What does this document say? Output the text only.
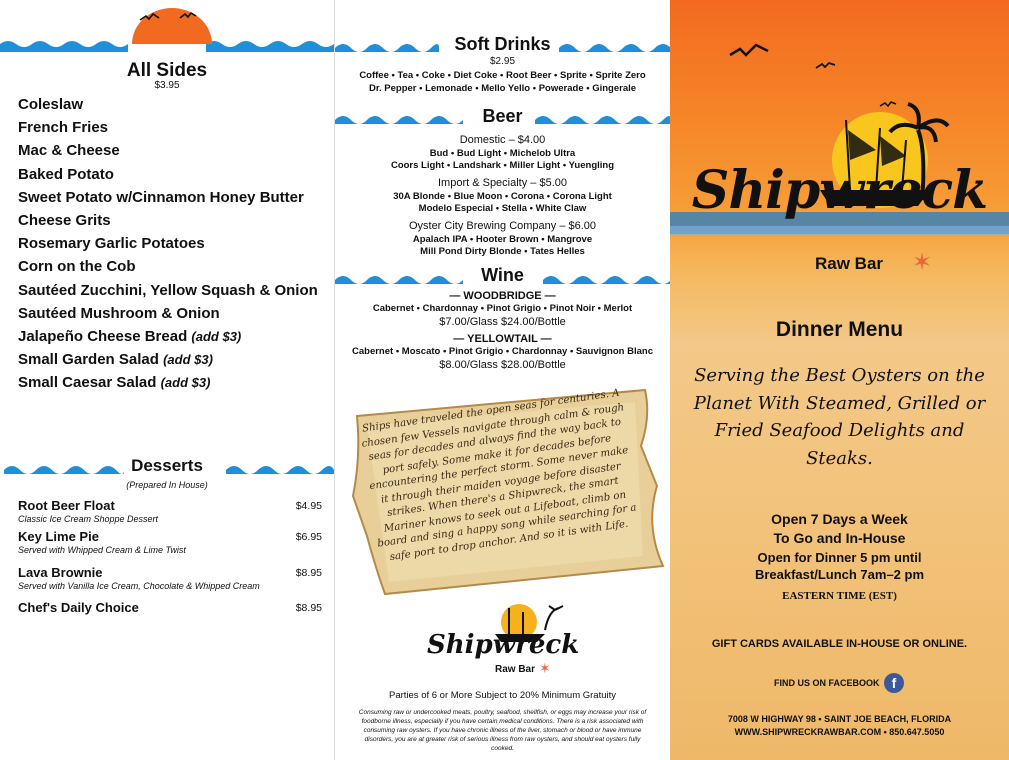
All Sides
$3.95
Coleslaw
French Fries
Mac & Cheese
Baked Potato
Sweet Potato w/Cinnamon Honey Butter
Cheese Grits
Rosemary Garlic Potatoes
Corn on the Cob
Sautéed Zucchini, Yellow Squash & Onion
Sautéed Mushroom & Onion
Jalapeño Cheese Bread (add $3)
Small Garden Salad (add $3)
Small Caesar Salad (add $3)
Desserts
(Prepared In House)
Root Beer Float
Classic Ice Cream Shoppe Dessert
$4.95
Key Lime Pie
Served with Whipped Cream & Lime Twist
$6.95
Lava Brownie
Served with Vanilla Ice Cream, Chocolate & Whipped Cream
$8.95
Chef's Daily Choice	$8.95
Soft Drinks
$2.95
Coffee • Tea • Coke • Diet Coke • Root Beer • Sprite • Sprite Zero
Dr. Pepper • Lemonade • Mello Yello • Powerade • Gingerale
Beer
Domestic – $4.00
Bud • Bud Light • Michelob Ultra
Coors Light • Landshark • Miller Light • Yuengling
Import & Specialty – $5.00
30A Blonde • Blue Moon • Corona • Corona Light
Modelo Especial • Stella • White Claw
Oyster City Brewing Company – $6.00
Apalach IPA • Hooter Brown • Mangrove
Mill Pond Dirty Blonde • Tates Helles
Wine
— WOODBRIDGE —
Cabernet • Chardonnay • Pinot Grigio • Pinot Noir • Merlot
$7.00/Glass $24.00/Bottle
— YELLOWTAIL —
Cabernet • Moscato • Pinot Grigio • Chardonnay • Sauvignon Blanc
$8.00/Glass $28.00/Bottle
Ships have traveled the open seas for centuries. A chosen few Vessels navigate through calm & rough seas for decades and always find the way back to port safely. Some make it for decades before encountering the perfect storm. Some never make it through their maiden voyage before disaster strikes. When there's a Shipwreck, the smart Mariner knows to seek out a Lifeboat, climb on board and sing a happy song while searching for a safe port to drop anchor. And so it is with Life.
Shipwreck
Raw Bar ✶
Parties of 6 or More Subject to 20% Minimum Gratuity
Consuming raw or undercooked meats, poultry, seafood, shellfish, or eggs may increase your risk of foodborne illness, especially if you have certain medical conditions. There is a risk associated with consuming raw oysters. If you have chronic illness of the liver, stomach or blood or have immune disorders, you are at greater risk of serious illness from raw oysters, and should eat oysters fully cooked.
Shipwreck
Raw Bar ✶
Dinner Menu
Serving the Best Oysters on the Planet With Steamed, Grilled or Fried Seafood Delights and Steaks.
Open 7 Days a Week
To Go and In-House
Open for Dinner 5 pm until
Breakfast/Lunch 7am–2 pm
EASTERN TIME (EST)
GIFT CARDS AVAILABLE IN-HOUSE OR ONLINE.
FIND US ON FACEBOOK f
7008 W HIGHWAY 98 • SAINT JOE BEACH, FLORIDA
WWW.SHIPWRECKRAWBAR.COM • 850.647.5050
